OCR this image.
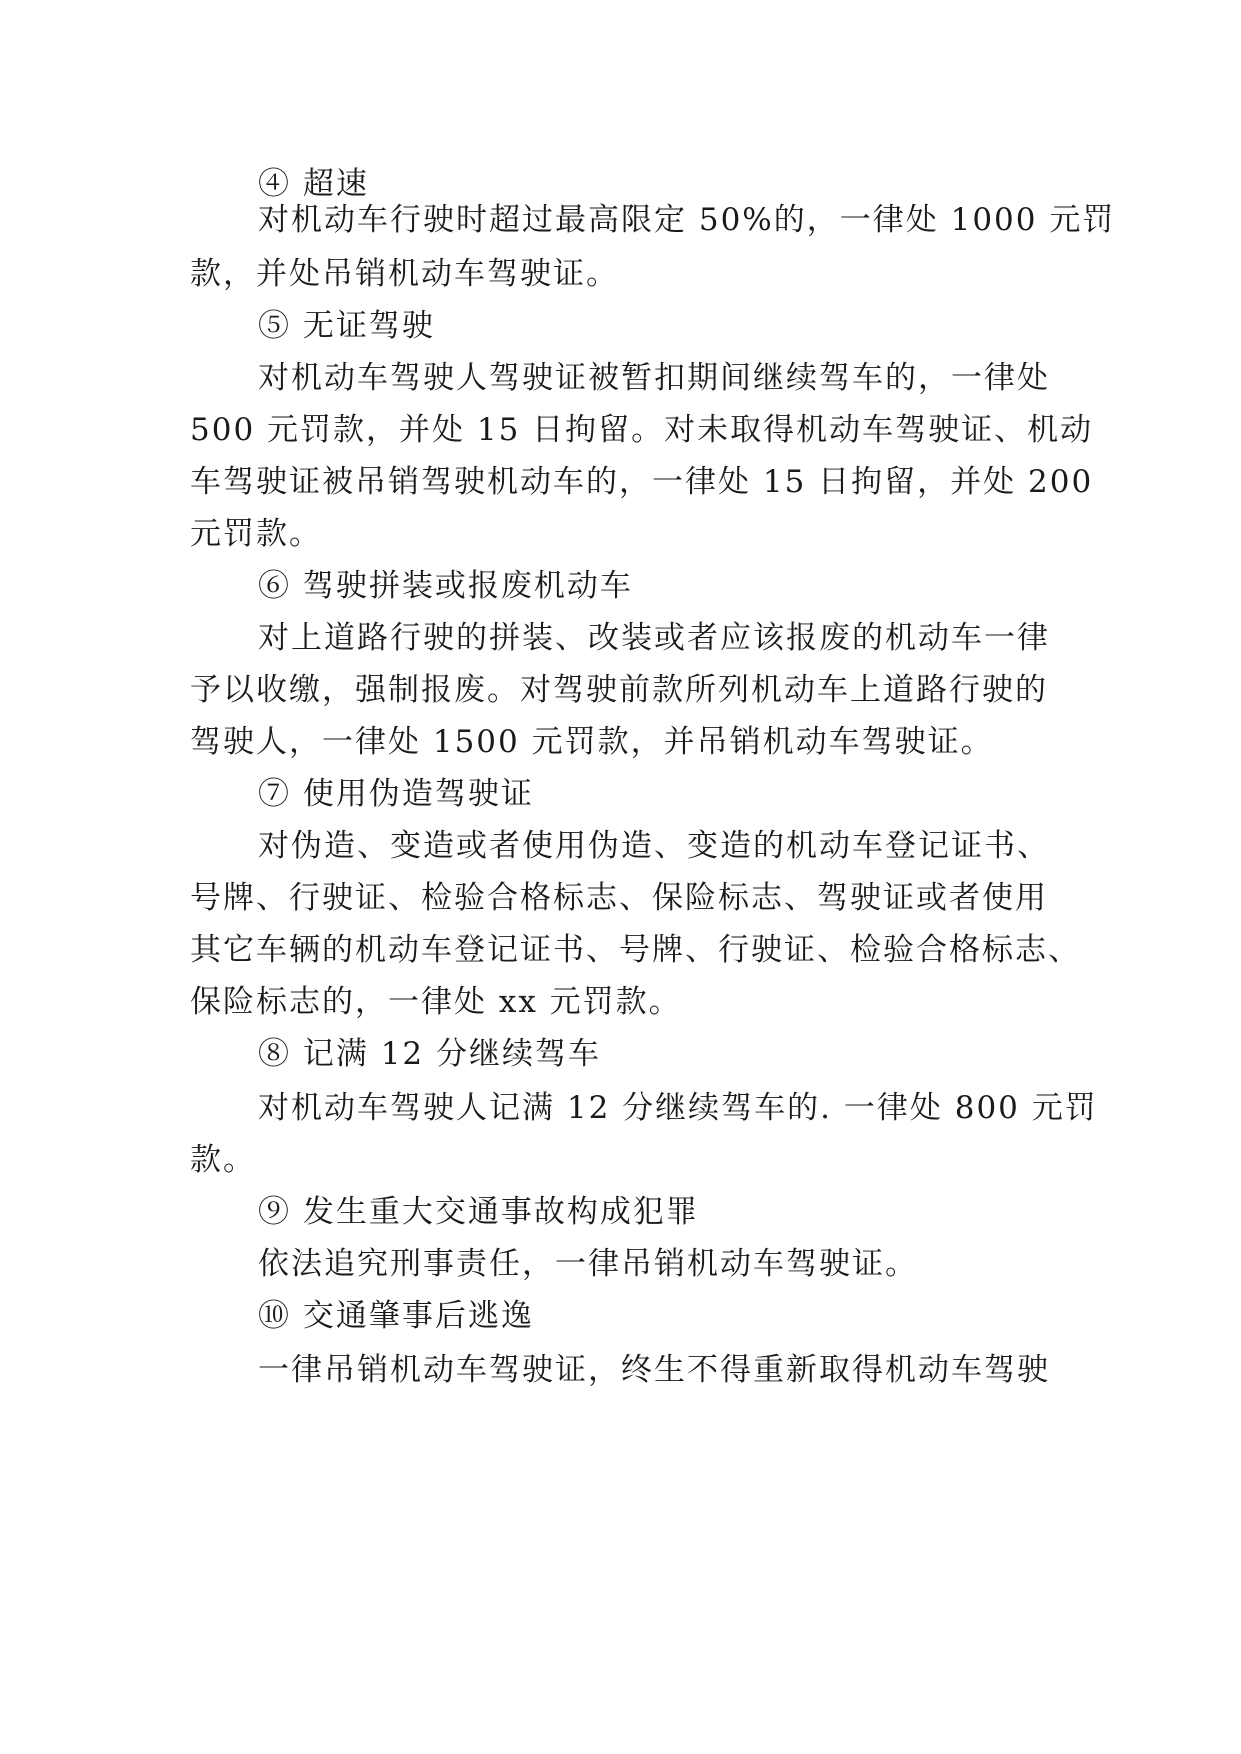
④ 超速

对机动车行驶时超过最高限定 50%的，一律处 1000 元罚

款，并处吊销机动车驾驶证。

⑤ 无证驾驶

对机动车驾驶人驾驶证被暂扣期间继续驾车的，一律处

500 元罚款，并处 15 日拘留。对未取得机动车驾驶证、机动

车驾驶证被吊销驾驶机动车的，一律处 15 日拘留，并处 200

元罚款。

⑥ 驾驶拼装或报废机动车

对上道路行驶的拼装、改装或者应该报废的机动车一律

予以收缴，强制报废。对驾驶前款所列机动车上道路行驶的

驾驶人，一律处 1500 元罚款，并吊销机动车驾驶证。

⑦ 使用伪造驾驶证

对伪造、变造或者使用伪造、变造的机动车登记证书、

号牌、行驶证、检验合格标志、保险标志、驾驶证或者使用

其它车辆的机动车登记证书、号牌、行驶证、检验合格标志、

保险标志的，一律处 xx 元罚款。

⑧ 记满 12 分继续驾车

对机动车驾驶人记满 12 分继续驾车的. 一律处 800 元罚

款。

⑨ 发生重大交通事故构成犯罪

依法追究刑事责任，一律吊销机动车驾驶证。

⑩ 交通肇事后逃逸

一律吊销机动车驾驶证，终生不得重新取得机动车驾驶
